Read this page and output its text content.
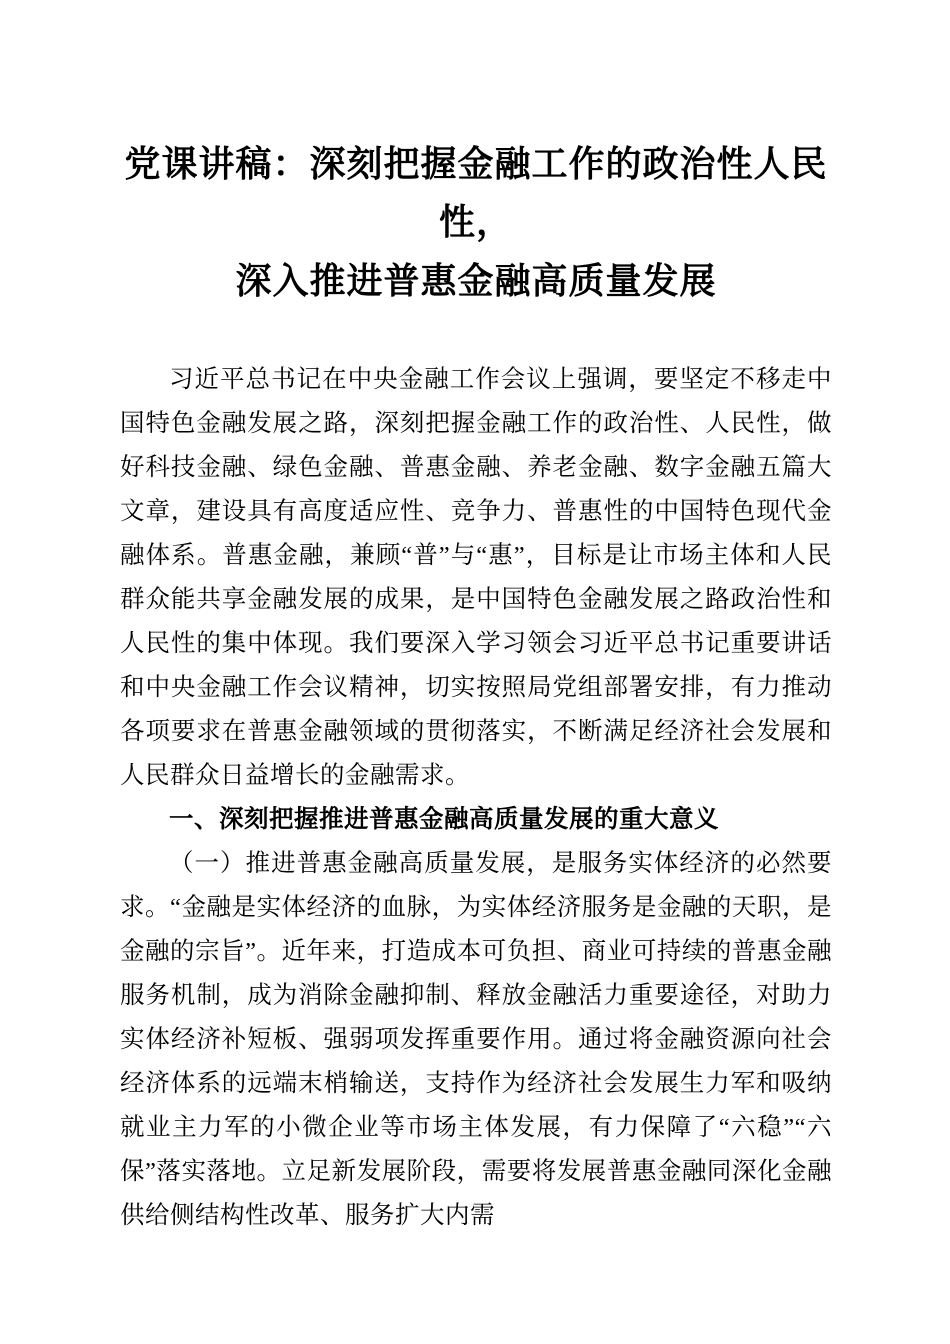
党课讲稿：深刻把握金融工作的政治性人民性，
深入推进普惠金融高质量发展

习近平总书记在中央金融工作会议上强调，要坚定不移走中国特色金融发展之路，深刻把握金融工作的政治性、人民性，做好科技金融、绿色金融、普惠金融、养老金融、数字金融五篇大文章，建设具有高度适应性、竞争力、普惠性的中国特色现代金融体系。普惠金融，兼顾“普”与“惠”，目标是让市场主体和人民群众能共享金融发展的成果，是中国特色金融发展之路政治性和人民性的集中体现。我们要深入学习领会习近平总书记重要讲话和中央金融工作会议精神，切实按照局党组部署安排，有力推动各项要求在普惠金融领域的贯彻落实，不断满足经济社会发展和人民群众日益增长的金融需求。

一、深刻把握推进普惠金融高质量发展的重大意义

（一）推进普惠金融高质量发展，是服务实体经济的必然要求。“金融是实体经济的血脉，为实体经济服务是金融的天职，是金融的宗旨”。近年来，打造成本可负担、商业可持续的普惠金融服务机制，成为消除金融抑制、释放金融活力重要途径，对助力实体经济补短板、强弱项发挥重要作用。通过将金融资源向社会经济体系的远端末梢输送，支持作为经济社会发展生力军和吸纳就业主力军的小微企业等市场主体发展，有力保障了“六稳”“六保”落实落地。立足新发展阶段，需要将发展普惠金融同深化金融供给侧结构性改革、服务扩大内需
